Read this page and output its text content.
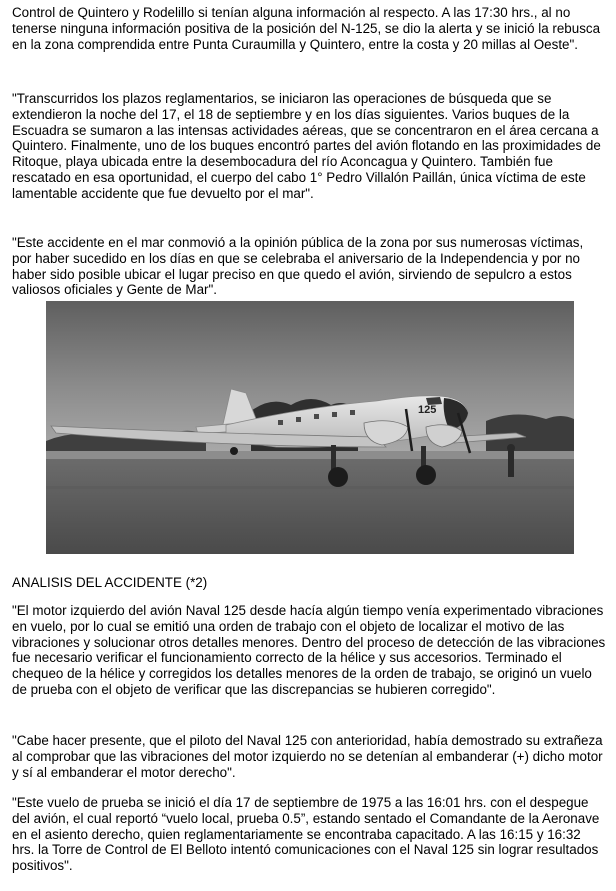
Control de Quintero y Rodelillo si tenían alguna información al respecto. A las 17:30 hrs., al no tenerse ninguna información positiva de la posición del N-125, se dio la alerta y se inició la rebusca en la zona comprendida entre Punta Curaumilla y Quintero, entre la costa y 20 millas al Oeste".

"Transcurridos los plazos reglamentarios, se iniciaron las operaciones de búsqueda que se extendieron la noche del 17, el 18 de septiembre y en los días siguientes. Varios buques de la Escuadra se sumaron a las intensas actividades aéreas, que se concentraron en el área cercana a Quintero. Finalmente, uno de los buques encontró partes del avión flotando en las proximidades de Ritoque, playa ubicada entre la desembocadura del río Aconcagua y Quintero. También fue rescatado en esa oportunidad, el cuerpo del cabo 1° Pedro Villalón Paillán, única víctima de este lamentable accidente que fue devuelto por el mar".

"Este accidente en el mar conmovió a la opinión pública de la zona por sus numerosas víctimas, por haber sucedido en los días en que se celebraba el aniversario de la Independencia y por no haber sido posible ubicar el lugar preciso en que quedo el avión, sirviendo de sepulcro a estos valiosos oficiales y Gente de Mar".

125

ANALISIS DEL ACCIDENTE (*2)

"El motor izquierdo del avión Naval 125 desde hacía algún tiempo venía experimentado vibraciones en vuelo, por lo cual se emitió una orden de trabajo con el objeto de localizar el motivo de las vibraciones y solucionar otros detalles menores. Dentro del proceso de detección de las vibraciones fue necesario verificar el funcionamiento correcto de la hélice y sus accesorios. Terminado el chequeo de la hélice y corregidos los detalles menores de la orden de trabajo, se originó un vuelo de prueba con el objeto de verificar que las discrepancias se hubieren corregido".

"Cabe hacer presente, que el piloto del Naval 125 con anterioridad, había demostrado su extrañeza al comprobar que las vibraciones del motor izquierdo no se detenían al embanderar (+) dicho motor y sí al embanderar el motor derecho".

"Este vuelo de prueba se inició el día 17 de septiembre de 1975 a las 16:01 hrs. con el despegue del avión, el cual reportó “vuelo local, prueba 0.5”, estando sentado el Comandante de la Aeronave en el asiento derecho, quien reglamentariamente se encontraba capacitado. A las 16:15 y 16:32 hrs. la Torre de Control de El Belloto intentó comunicaciones con el Naval 125 sin lograr resultados positivos".
